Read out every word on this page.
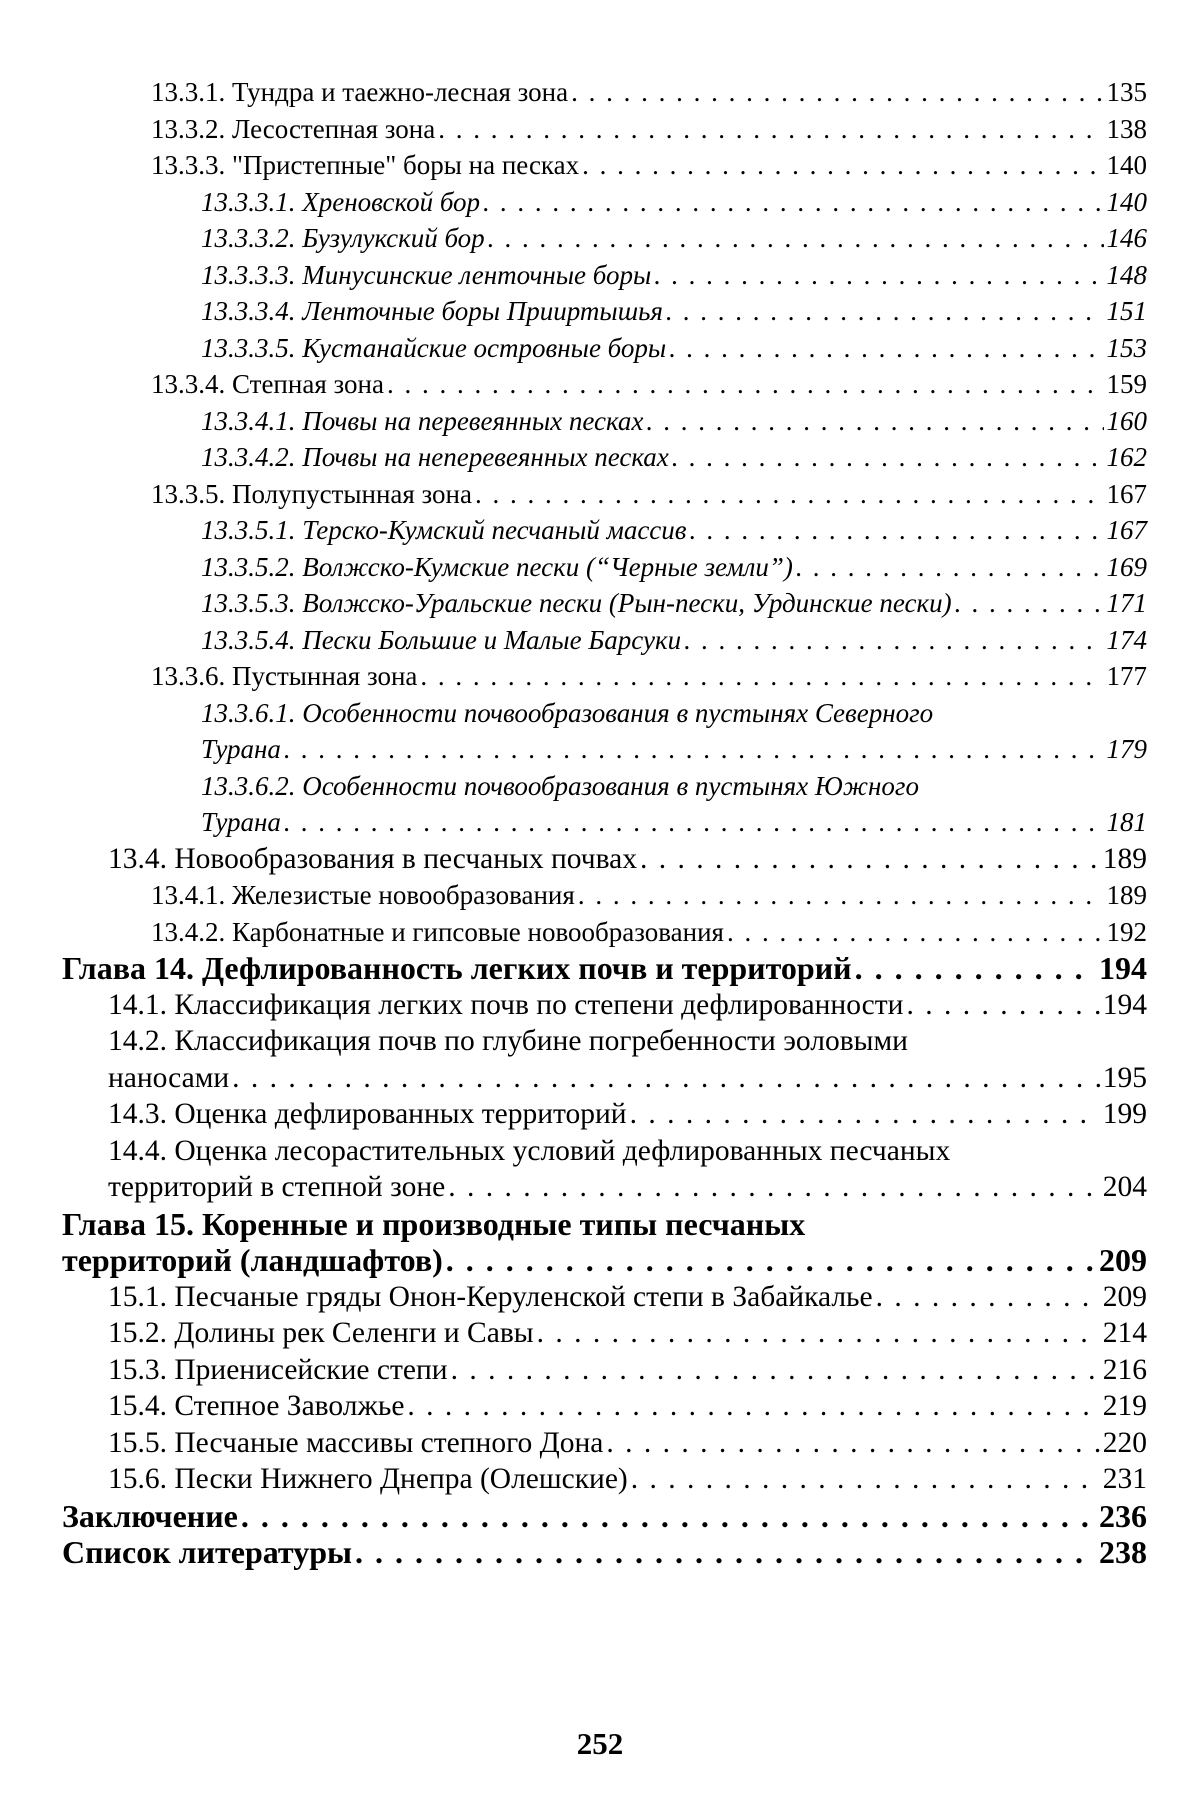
13.3.1. Тундра и таежно-лесная зона . . .	135
13.3.2. Лесостепная зона . . .	138
13.3.3. "Пристепные" боры на песках . . .	140
13.3.3.1. Хреновской бор . . .	140
13.3.3.2. Бузулукский бор . . .	146
13.3.3.3. Минусинские ленточные боры . . .	148
13.3.3.4. Ленточные боры Прииртышья . . .	151
13.3.3.5. Кустанайские островные боры . . .	153
13.3.4. Степная зона . . .	159
13.3.4.1. Почвы на перевеянных песках . . .	160
13.3.4.2. Почвы на неперевеянных песках . . .	162
13.3.5. Полупустынная зона . . .	167
13.3.5.1. Терско-Кумский песчаный массив . . .	167
13.3.5.2. Волжско-Кумские пески (“Черные земли”) . . .	169
13.3.5.3. Волжско-Уральские пески (Рын-пески, Урдинские пески) . . .	171
13.3.5.4. Пески Большие и Малые Барсуки . . .	174
13.3.6. Пустынная зона . . .	177
13.3.6.1. Особенности почвообразования в пустынях Северного
Турана . . .	179
13.3.6.2. Особенности почвообразования в пустынях Южного
Турана . . .	181
13.4. Новообразования в песчаных почвах . . .	189
13.4.1. Железистые новообразования . . .	189
13.4.2. Карбонатные и гипсовые новообразования . . .	192
Глава 14. Дефлированность легких почв и территорий . . .	194
14.1. Классификация легких почв по степени дефлированности . . .	194
14.2. Классификация почв по глубине погребенности эоловыми
наносами . . .	195
14.3. Оценка дефлированных территорий . . .	199
14.4. Оценка лесорастительных условий дефлированных песчаных
территорий в степной зоне . . .	204
Глава 15. Коренные и производные типы песчаных
территорий (ландшафтов) . . .	209
15.1. Песчаные гряды Онон-Керуленской степи в Забайкалье . . .	209
15.2. Долины рек Селенги и Савы . . .	214
15.3. Приенисейские степи . . .	216
15.4. Степное Заволжье . . .	219
15.5. Песчаные массивы степного Дона . . .	220
15.6. Пески Нижнего Днепра (Олешские) . . .	231
Заключение . . .	236
Список литературы . . .	238
252
